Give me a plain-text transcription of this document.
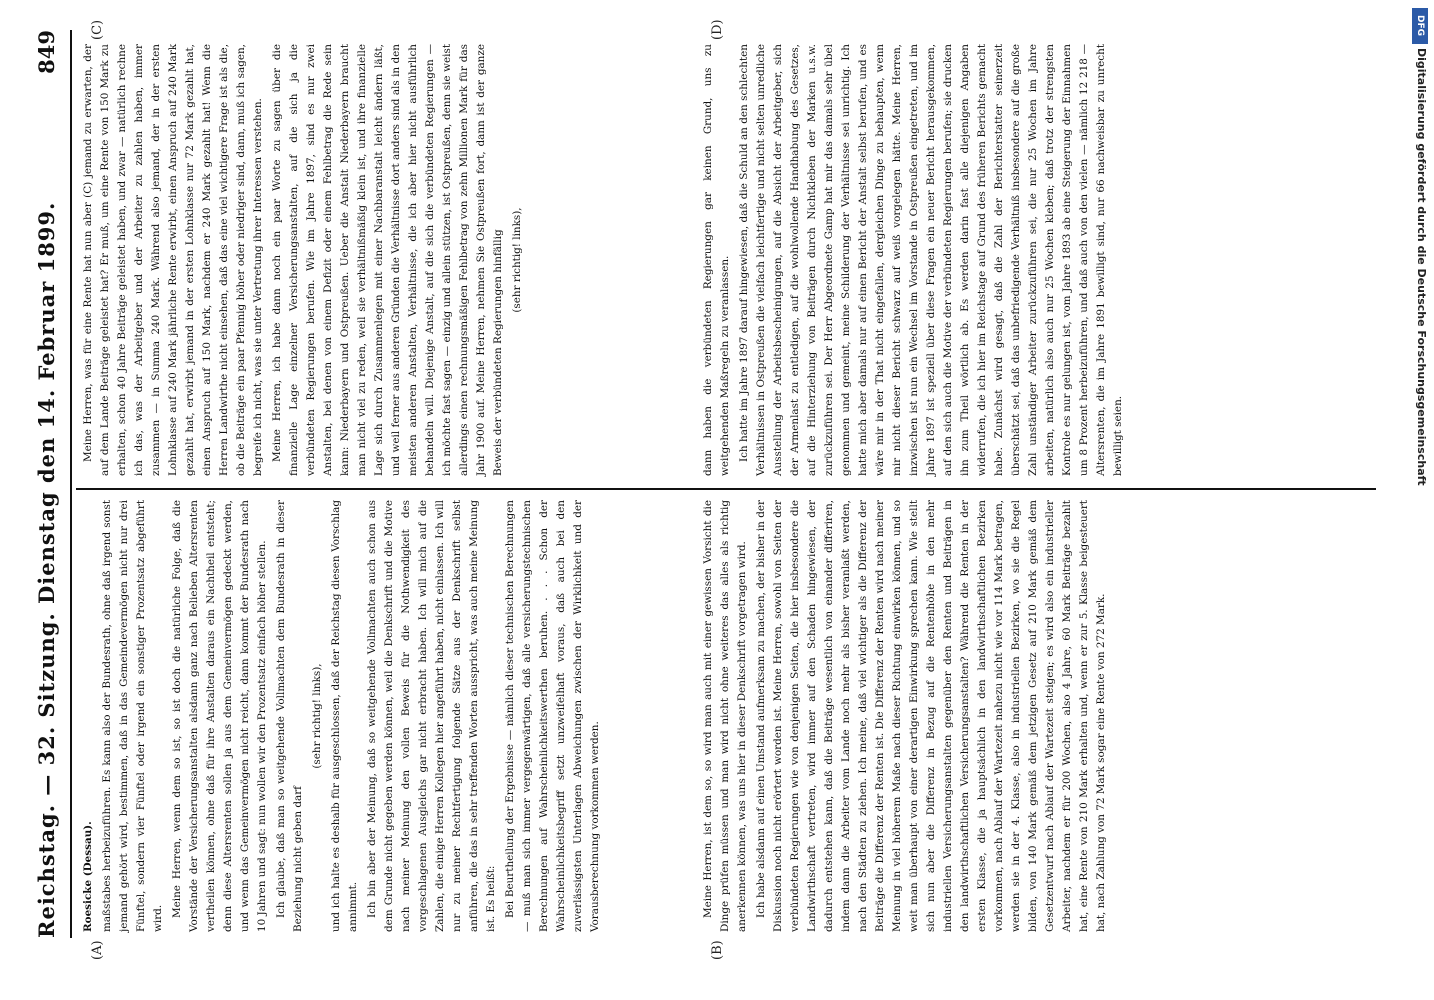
Reichstag. — 32. Sitzung. Dienstag den 14. Februar 1899.
849
(A)	(B)
(C)	(D)

Roesicke (Dessau). maßstabes herbeizuführen. Es kann also der Bundesrath, ohne daß irgend sonst jemand gehört wird, bestimmen, daß in das Gemeindevermögen nicht nur drei Fünftel, sondern vier Fünftel oder irgend ein sonstiger Prozentsatz abgeführt wird.

Meine Herren, wenn dem so ist, so ist doch die natürliche Folge, daß die Vorstände der Versicherungsanstalten alsdann ganz nach Belieben Altersrenten vertheilen können, ohne daß für ihre Anstalten daraus ein Nachtheil entsteht; denn diese Altersrenten sollen ja aus dem Gemeinvermögen gedeckt werden, und wenn das Gemeinvermögen nicht reicht, dann kommt der Bundesrath nach 10 Jahren und sagt: nun wollen wir den Prozentsatz einfach höher stellen. Ich glaube, daß man so weitgehende Vollmachten dem Bundesrath in dieser Beziehung nicht geben darf

(sehr richtig! links), und ich halte es deshalb für ausgeschlossen, daß der Reichstag diesen Vorschlag annimmt. Ich bin aber der Meinung, daß so weitgehende Vollmachten auch schon aus dem Grunde nicht gegeben werden können, weil die Denkschrift und die Motive nach meiner Meinung den vollen Beweis für die Nothwendigkeit des vorgeschlagenen Ausgleichs gar nicht erbracht haben. Ich will mich auf die Zahlen, die einige Herren Kollegen hier angeführt haben, nicht einlassen. Ich will nur zu meiner Rechtfertigung folgende Sätze aus der Denkschrift selbst anführen, die das in sehr treffenden Worten ausspricht, was auch meine Meinung ist. Es heißt: Bei Beurtheilung der Ergebnisse — nämlich dieser technischen Berechnungen — muß man sich immer vergegenwärtigen, daß alle versicherungstechnischen Berechnungen auf Wahrscheinlichkeitswerthen beruhen. . . . Schon der Wahrscheinlichkeitsbegriff setzt unzweifelhaft voraus, daß auch bei den zuverlässigsten Unterlagen Abweichungen zwischen der Wirklichkeit und der Vorausberechnung vorkommen werden.	Meine Herren, ist dem so, so wird man auch mit einer gewissen Vorsicht die Dinge prüfen müssen und man wird nicht ohne weiteres das alles als richtig anerkennen können, was uns hier in dieser Denkschrift vorgetragen wird. Ich habe alsdann auf einen Umstand aufmerksam zu machen, der bisher in der Diskussion noch nicht erörtert worden ist. Meine Herren, sowohl von Seiten der verbündeten Regierungen wie von denjenigen Seiten, die hier insbesondere die Landwirthschaft vertreten, wird immer auf den Schaden hingewiesen, der dadurch entstehen kann, daß die Beiträge wesentlich von einander differiren, indem dann die Arbeiter vom Lande noch mehr als bisher veranlaßt werden, nach den Städten zu ziehen. Ich meine, daß viel wichtiger als die Differenz der Beiträge die Differenz der Renten ist. Die Differenz der Renten wird nach meiner Meinung in viel höherem Maße nach dieser Richtung einwirken können, und so weit man überhaupt von einer derartigen Einwirkung sprechen kann. Wie stellt sich nun aber die Differenz in Bezug auf die Rentenhöhe in den mehr industriellen Versicherungsanstalten gegenüber den Renten und Beiträgen in den landwirthschaftlichen Versicherungsanstalten? Während die Renten in der ersten Klasse, die ja hauptsächlich in den landwirthschaftlichen Bezirken vorkommen, nach Ablauf der Wartezeit nahezu nicht wie vor 114 Mark betragen, werden sie in der 4. Klasse, also in industriellen Bezirken, wo sie die Regel bilden, von 140 Mark gemäß dem jetzigen Gesetz auf 210 Mark gemäß dem Gesetzentwurf nach Ablauf der Wartezeit steigen; es wird also ein industrieller Arbeiter, nachdem er für 200 Wochen, also 4 Jahre, 60 Mark Beiträge bezahlt hat, eine Rente von 210 Mark erhalten und, wenn er zur 5. Klasse beigesteuert hat, nach Zahlung von 72 Mark sogar eine Rente von 272 Mark.

Meine Herren, was für eine Rente hat nun aber (C) jemand zu erwarten, der auf dem Lande Beiträge geleistet hat? Er muß, um eine Rente von 150 Mark zu erhalten, schon 40 Jahre Beiträge geleistet haben, und zwar — natürlich rechne ich das, was der Arbeitgeber und der Arbeiter zu zahlen haben, immer zusammen — in Summa 240 Mark. Während also jemand, der in der ersten Lohnklasse auf 240 Mark jährliche Rente erwirbt, einen Anspruch auf 240 Mark gezahlt hat, erwirbt jemand in der ersten Lohnklasse nur 72 Mark gezahlt hat, einen Anspruch auf 150 Mark, nachdem er 240 Mark gezahlt hat! Wenn die Herren Landwirthe nicht einsehen, daß das eine viel wichtigere Frage ist als die, ob die Beiträge ein paar Pfennig höher oder niedriger sind, dann, muß ich sagen, begreife ich nicht, was sie unter Vertretung ihrer Interessen verstehen. Meine Herren, ich habe dann noch ein paar Worte zu sagen über die finanzielle Lage einzelner Versicherungsanstalten, auf die sich ja die verbündeten Regierungen berufen. Wie im Jahre 1897, sind es nur zwei Anstalten, bei denen von einem Defizit oder einem Fehlbetrag die Rede sein kann: Niederbayern und Ostpreußen. Ueber die Anstalt Niederbayern braucht man nicht viel zu reden, weil sie verhältnißmäßig klein ist, und ihre finanzielle Lage sich durch Zusammenlegen mit einer Nachbaranstalt leicht ändern läßt, und weil ferner aus anderen Gründen die Verhältnisse dort anders sind als in den meisten anderen Anstalten, Verhältnisse, die ich aber hier nicht ausführlich behandeln will. Diejenige Anstalt, auf die sich die verbündeten Regierungen — ich möchte fast sagen — einzig und allein stützen, ist Ostpreußen, denn sie weist allerdings einen rechnungsmäßigen Fehlbetrag von zehn Millionen Mark für das Jahr 1900 auf. Meine Herren, nehmen Sie Ostpreußen fort, dann ist der ganze Beweis der verbündeten Regierungen hinfällig (sehr richtig! links),	dann haben die verbündeten Regierungen gar keinen Grund, uns zu weitgehenden Maßregeln zu veranlassen. Ich hatte im Jahre 1897 darauf hingewiesen, daß die Schuld an den schlechten Verhältnissen in Ostpreußen die vielfach leichtfertige und nicht selten unredliche Ausstellung der Arbeitsbescheinigungen, auf die Absicht der Arbeitgeber, sich der Armenlast zu entledigen, auf die wohlwollende Handhabung des Gesetzes, auf die Hinterziehung von Beiträgen durch Nichtkleben der Marken u.s.w. zurückzuführen sei. Der Herr Abgeordnete Gamp hat mir das damals sehr übel genommen und gemeint, meine Schilderung der Verhältnisse sei unrichtig. Ich hatte mich aber damals nur auf einen Bericht der Anstalt selbst berufen, und es wäre mir in der That nicht eingefallen, dergleichen Dinge zu behaupten, wenn mir nicht dieser Bericht schwarz auf weiß vorgelegen hätte. Meine Herren, inzwischen ist nun ein Wechsel im Vorstande in Ostpreußen eingetreten, und im Jahre 1897 ist speziell über diese Fragen ein neuer Bericht herausgekommen, auf den sich auch die Motive der verbündeten Regierungen berufen; sie drucken ihn zum Theil wörtlich ab. Es werden darin fast alle diejenigen Angaben widerrufen, die ich hier im Reichstage auf Grund des früheren Berichts gemacht habe. Zunächst wird gesagt, daß die Zahl der Berichterstatter seinerzeit überschätzt sei, daß das unbefriedigende Verhältniß insbesondere auf die große Zahl unständiger Arbeiter zurückzuführen sei, die nur 25 Wochen im Jahre arbeiten, natürlich also auch nur 25 Wochen kleben; daß trotz der strengsten Kontrole es nur gelungen ist, vom Jahre 1893 ab eine Steigerung der Einnahmen um 8 Prozent herbeizuführen, und daß auch von den vielen — nämlich 12 218 — Altersrenten, die im Jahre 1891 bewilligt sind, nur 66 nachweisbar zu unrecht bewilligt seien.

DFG
Digitalisierung gefördert durch die Deutsche Forschungsgemeinschaft
